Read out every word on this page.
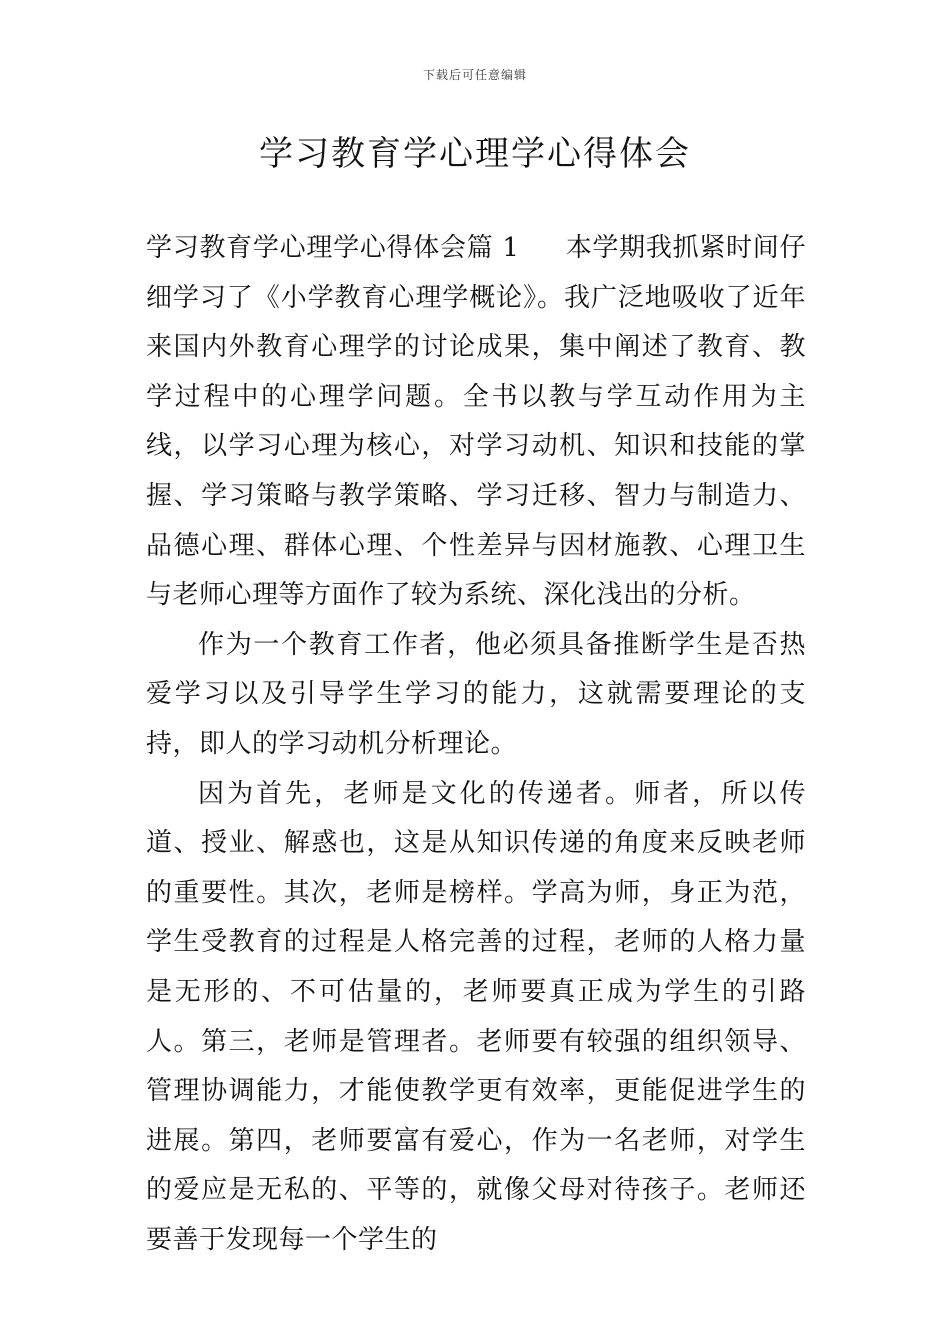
下载后可任意编辑
学习教育学心理学心得体会

学习教育学心理学心得体会篇 1 本学期我抓紧时间仔细学习了《小学教育心理学概论》。我广泛地吸收了近年来国内外教育心理学的讨论成果，集中阐述了教育、教学过程中的心理学问题。全书以教与学互动作用为主线，以学习心理为核心，对学习动机、知识和技能的掌握、学习策略与教学策略、学习迁移、智力与制造力、品德心理、群体心理、个性差异与因材施教、心理卫生与老师心理等方面作了较为系统、深化浅出的分析。

作为一个教育工作者，他必须具备推断学生是否热爱学习以及引导学生学习的能力，这就需要理论的支持，即人的学习动机分析理论。

因为首先，老师是文化的传递者。师者，所以传道、授业、解惑也，这是从知识传递的角度来反映老师的重要性。其次，老师是榜样。学高为师，身正为范，学生受教育的过程是人格完善的过程，老师的人格力量是无形的、不可估量的，老师要真正成为学生的引路人。第三，老师是管理者。老师要有较强的组织领导、管理协调能力，才能使教学更有效率，更能促进学生的进展。第四，老师要富有爱心，作为一名老师，对学生的爱应是无私的、平等的，就像父母对待孩子。老师还要善于发现每一个学生的
